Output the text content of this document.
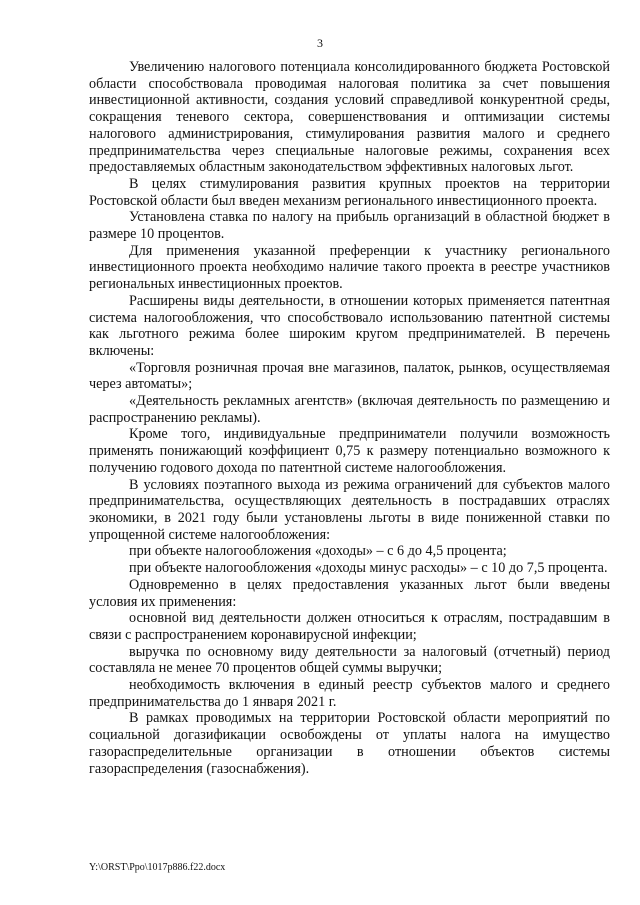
3

Увеличению налогового потенциала консолидированного бюджета Ростовской области способствовала проводимая налоговая политика за счет повышения инвестиционной активности, создания условий справедливой конкурентной среды, сокращения теневого сектора, совершенствования и оптимизации системы налогового администрирования, стимулирования развития малого и среднего предпринимательства через специальные налоговые режимы, сохранения всех предоставляемых областным законодательством эффективных налоговых льгот.

В целях стимулирования развития крупных проектов на территории Ростовской области был введен механизм регионального инвестиционного проекта.

Установлена ставка по налогу на прибыль организаций в областной бюджет в размере 10 процентов.

Для применения указанной преференции к участнику регионального инвестиционного проекта необходимо наличие такого проекта в реестре участников региональных инвестиционных проектов.

Расширены виды деятельности, в отношении которых применяется патентная система налогообложения, что способствовало использованию патентной системы как льготного режима более широким кругом предпринимателей. В перечень включены:

«Торговля розничная прочая вне магазинов, палаток, рынков, осуществляемая через автоматы»;

«Деятельность рекламных агентств» (включая деятельность по размещению и распространению рекламы).

Кроме того, индивидуальные предприниматели получили возможность применять понижающий коэффициент 0,75 к размеру потенциально возможного к получению годового дохода по патентной системе налогообложения.

В условиях поэтапного выхода из режима ограничений для субъектов малого предпринимательства, осуществляющих деятельность в пострадавших отраслях экономики, в 2021 году были установлены льготы в виде пониженной ставки по упрощенной системе налогообложения:

при объекте налогообложения «доходы» – с 6 до 4,5 процента;

при объекте налогообложения «доходы минус расходы» – с 10 до 7,5 процента.

Одновременно в целях предоставления указанных льгот были введены условия их применения:

основной вид деятельности должен относиться к отраслям, пострадавшим в связи с распространением коронавирусной инфекции;

выручка по основному виду деятельности за налоговый (отчетный) период составляла не менее 70 процентов общей суммы выручки;

необходимость включения в единый реестр субъектов малого и среднего предпринимательства до 1 января 2021 г.

В рамках проводимых на территории Ростовской области мероприятий по социальной догазификации освобождены от уплаты налога на имущество газораспределительные организации в отношении объектов системы газораспределения (газоснабжения).

Y:\ORST\Ppo\1017p886.f22.docx
